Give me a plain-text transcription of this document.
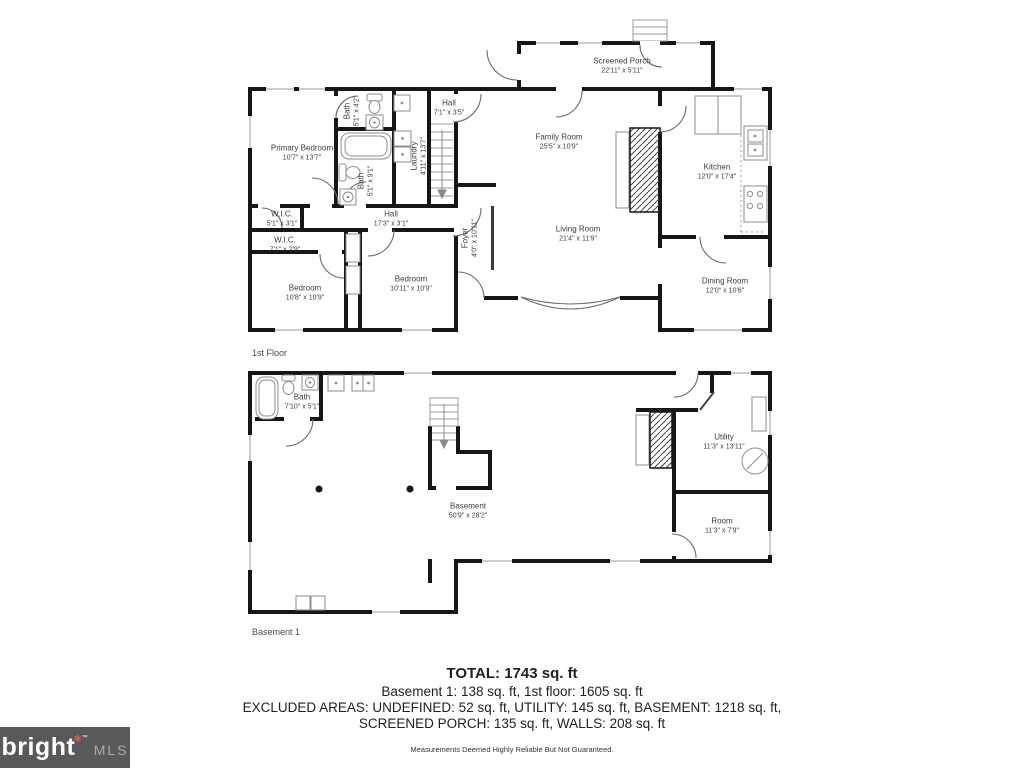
Screened Porch
22'11" x 5'11"
Primary Bedroom
10'7" x 13'7"
Bath 5'1" x 4'2"
Bath 5'1" x 9'1"
Laundry 4'11" x 13'7"
Hall
7'1" x 3'5"
Family Room
25'5" x 10'9"
Kitchen
12'0" x 17'4"
Living Room
21'4" x 11'9"
Dining Room
12'0" x 10'6"
Foyer 4'0" x 10'11"
Hall
17'3" x 3'1"
W.I.C.
5'1" x 3'1"
W.I.C.
7'1" x 2'9"
Bedroom
10'8" x 10'9"
Bedroom
10'11" x 10'9"
Bath
7'10" x 5'1"
Utility
11'3" x 13'11"
Basement
50'9" x 28'2"
Room
11'3" x 7'9"
1st Floor
Basement 1
TOTAL: 1743 sq. ft
Basement 1: 138 sq. ft, 1st floor: 1605 sq. ft
EXCLUDED AREAS: UNDEFINED: 52 sq. ft, UTILITY: 145 sq. ft, BASEMENT: 1218 sq. ft,
SCREENED PORCH: 135 sq. ft, WALLS: 208 sq. ft
Measurements Deemed Highly Reliable But Not Guaranteed.
bright
✱ ™
MLS
